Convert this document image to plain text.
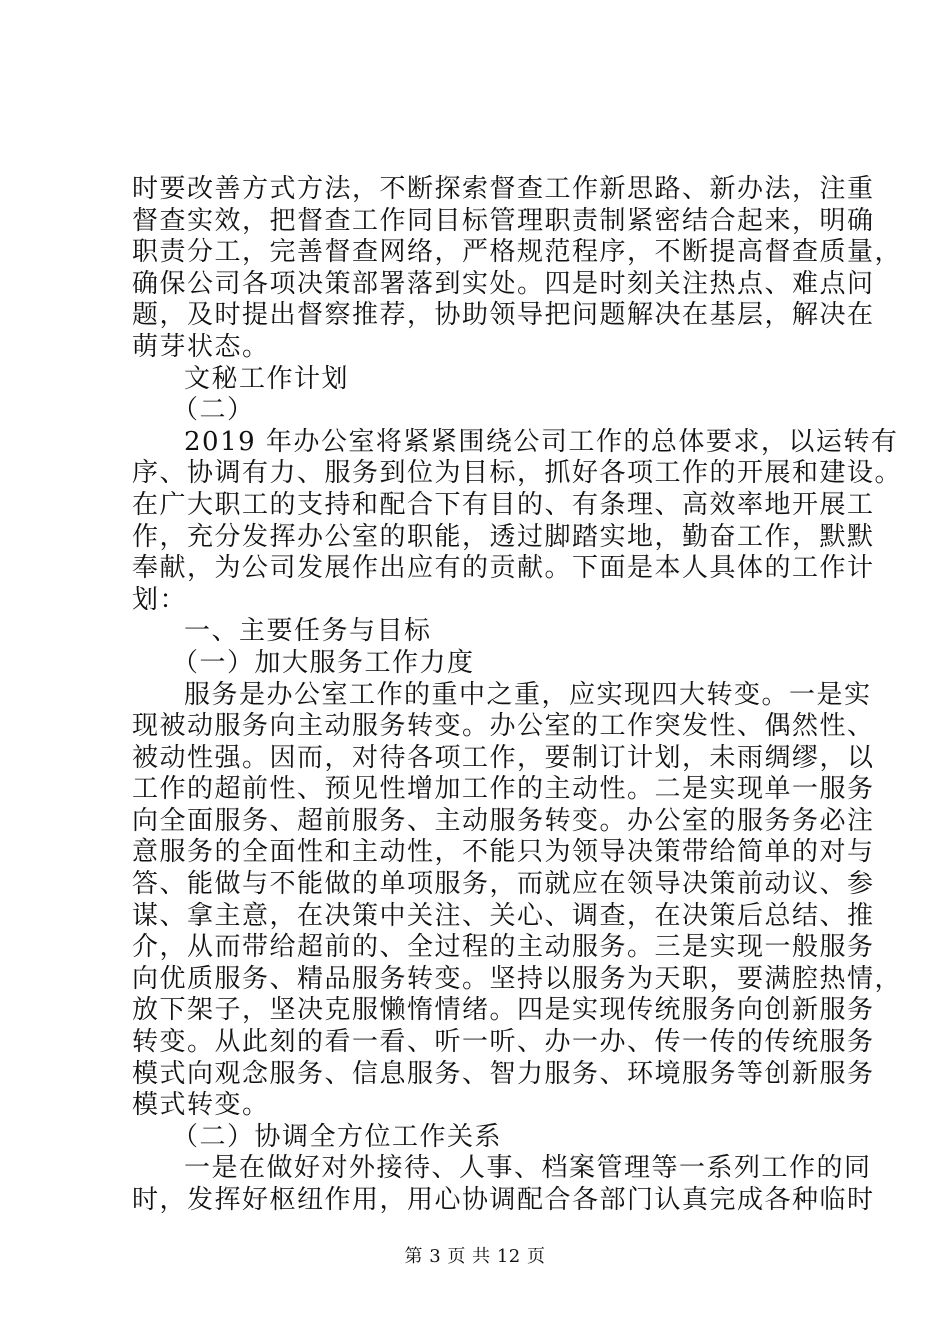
时要改善方式方法，不断探索督查工作新思路、新办法，注重
督查实效，把督查工作同目标管理职责制紧密结合起来，明确
职责分工，完善督查网络，严格规范程序，不断提高督查质量，
确保公司各项决策部署落到实处。四是时刻关注热点、难点问
题，及时提出督察推荐，协助领导把问题解决在基层，解决在
萌芽状态。
文秘工作计划
（二）
2019 年办公室将紧紧围绕公司工作的总体要求，以运转有
序、协调有力、服务到位为目标，抓好各项工作的开展和建设。
在广大职工的支持和配合下有目的、有条理、高效率地开展工
作，充分发挥办公室的职能，透过脚踏实地，勤奋工作，默默
奉献，为公司发展作出应有的贡献。下面是本人具体的工作计
划：
一、主要任务与目标
（一）加大服务工作力度
服务是办公室工作的重中之重，应实现四大转变。一是实
现被动服务向主动服务转变。办公室的工作突发性、偶然性、
被动性强。因而，对待各项工作，要制订计划，未雨绸缪，以
工作的超前性、预见性增加工作的主动性。二是实现单一服务
向全面服务、超前服务、主动服务转变。办公室的服务务必注
意服务的全面性和主动性，不能只为领导决策带给简单的对与
答、能做与不能做的单项服务，而就应在领导决策前动议、参
谋、拿主意，在决策中关注、关心、调查，在决策后总结、推
介，从而带给超前的、全过程的主动服务。三是实现一般服务
向优质服务、精品服务转变。坚持以服务为天职，要满腔热情，
放下架子，坚决克服懒惰情绪。四是实现传统服务向创新服务
转变。从此刻的看一看、听一听、办一办、传一传的传统服务
模式向观念服务、信息服务、智力服务、环境服务等创新服务
模式转变。
（二）协调全方位工作关系
一是在做好对外接待、人事、档案管理等一系列工作的同
时，发挥好枢纽作用，用心协调配合各部门认真完成各种临时
第 3 页 共 12 页
